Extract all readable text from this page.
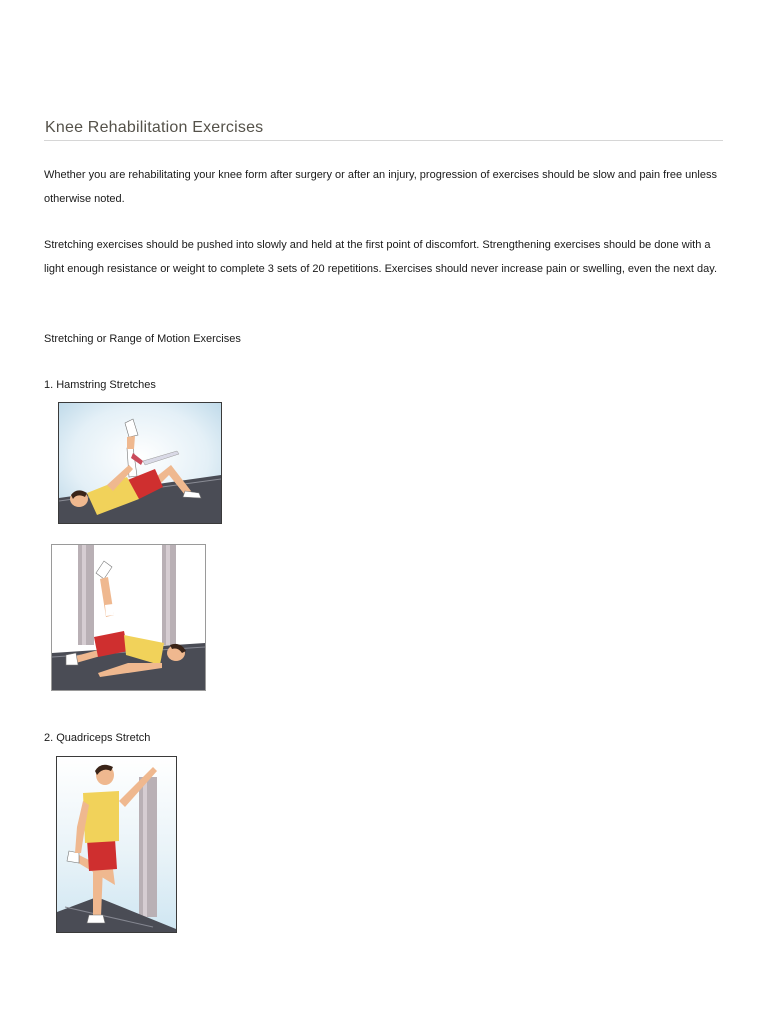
Knee Rehabilitation Exercises

Whether you are rehabilitating your knee form after surgery or after an injury, progression of exercises should be slow and pain free unless otherwise noted.

Stretching exercises should be pushed into slowly and held at the first point of discomfort. Strengthening exercises should be done with a light enough resistance or weight to complete 3 sets of 20 repetitions. Exercises should never increase pain or swelling, even the next day.

Stretching or Range of Motion Exercises

1. Hamstring Stretches

2. Quadriceps Stretch
